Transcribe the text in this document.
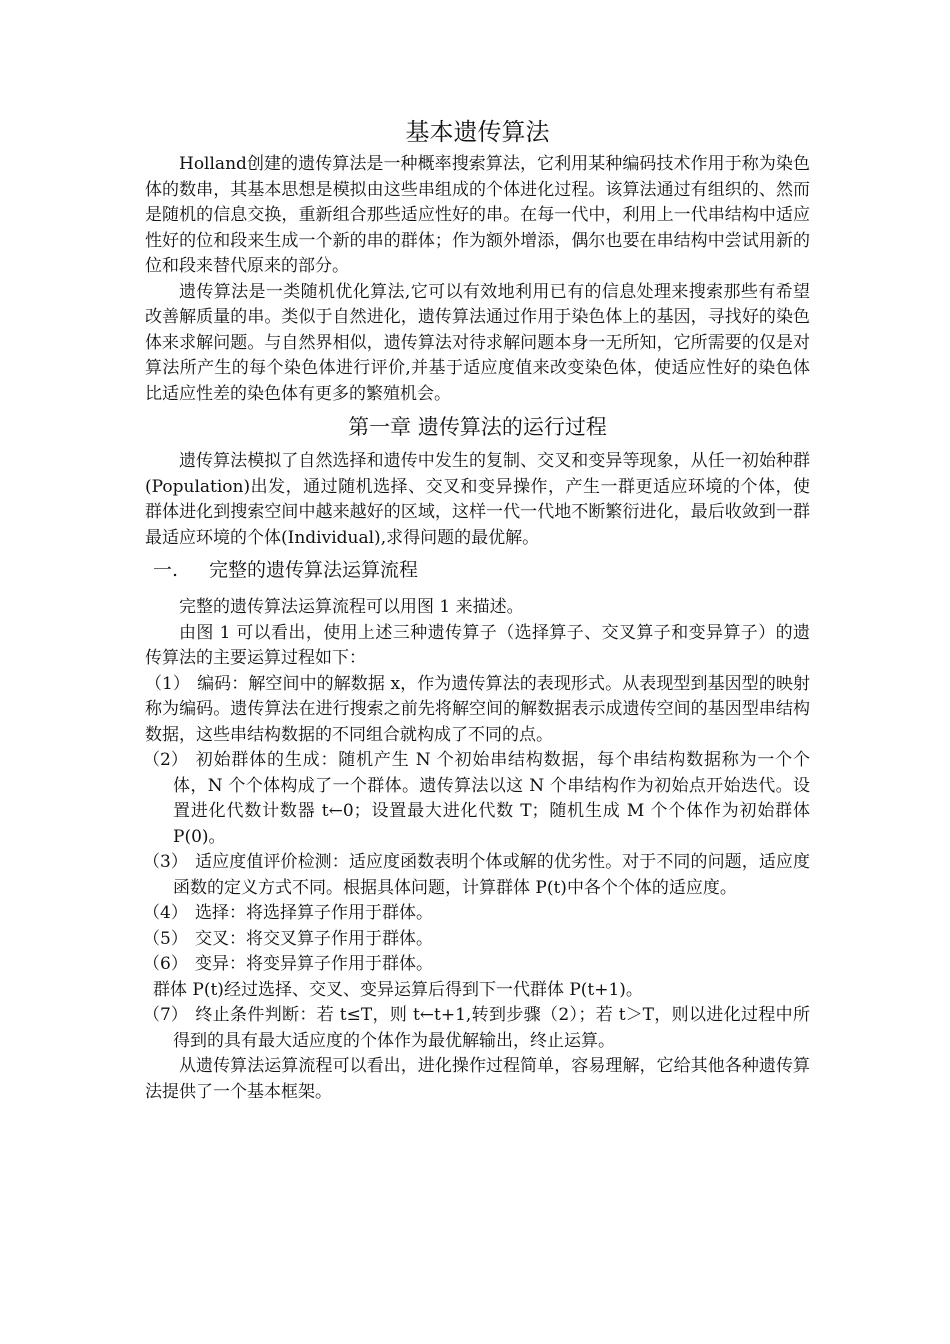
基本遗传算法

Holland创建的遗传算法是一种概率搜索算法，它利用某种编码技术作用于称为染色体的数串，其基本思想是模拟由这些串组成的个体进化过程。该算法通过有组织的、然而是随机的信息交换，重新组合那些适应性好的串。在每一代中，利用上一代串结构中适应性好的位和段来生成一个新的串的群体；作为额外增添，偶尔也要在串结构中尝试用新的位和段来替代原来的部分。

遗传算法是一类随机优化算法,它可以有效地利用已有的信息处理来搜索那些有希望改善解质量的串。类似于自然进化，遗传算法通过作用于染色体上的基因，寻找好的染色体来求解问题。与自然界相似，遗传算法对待求解问题本身一无所知，它所需要的仅是对算法所产生的每个染色体进行评价,并基于适应度值来改变染色体，使适应性好的染色体比适应性差的染色体有更多的繁殖机会。

第一章 遗传算法的运行过程

遗传算法模拟了自然选择和遗传中发生的复制、交叉和变异等现象，从任一初始种群(Population)出发，通过随机选择、交叉和变异操作，产生一群更适应环境的个体，使群体进化到搜索空间中越来越好的区域，这样一代一代地不断繁衍进化，最后收敛到一群最适应环境的个体(Individual),求得问题的最优解。

一. 完整的遗传算法运算流程

完整的遗传算法运算流程可以用图 1 来描述。

由图 1 可以看出，使用上述三种遗传算子（选择算子、交叉算子和变异算子）的遗传算法的主要运算过程如下：

（1） 编码：解空间中的解数据 x，作为遗传算法的表现形式。从表现型到基因型的映射称为编码。遗传算法在进行搜索之前先将解空间的解数据表示成遗传空间的基因型串结构数据，这些串结构数据的不同组合就构成了不同的点。

（2） 初始群体的生成：随机产生 N 个初始串结构数据，每个串结构数据称为一个个体，N 个个体构成了一个群体。遗传算法以这 N 个串结构作为初始点开始迭代。设置进化代数计数器 t←0；设置最大进化代数 T；随机生成 M 个个体作为初始群体 P(0)。

（3） 适应度值评价检测：适应度函数表明个体或解的优劣性。对于不同的问题，适应度函数的定义方式不同。根据具体问题，计算群体 P(t)中各个个体的适应度。

（4） 选择：将选择算子作用于群体。

（5） 交叉：将交叉算子作用于群体。

（6） 变异：将变异算子作用于群体。

群体 P(t)经过选择、交叉、变异运算后得到下一代群体 P(t+1)。

（7） 终止条件判断：若 t≤T，则 t←t+1,转到步骤（2）；若 t＞T，则以进化过程中所得到的具有最大适应度的个体作为最优解输出，终止运算。

从遗传算法运算流程可以看出，进化操作过程简单，容易理解，它给其他各种遗传算法提供了一个基本框架。
